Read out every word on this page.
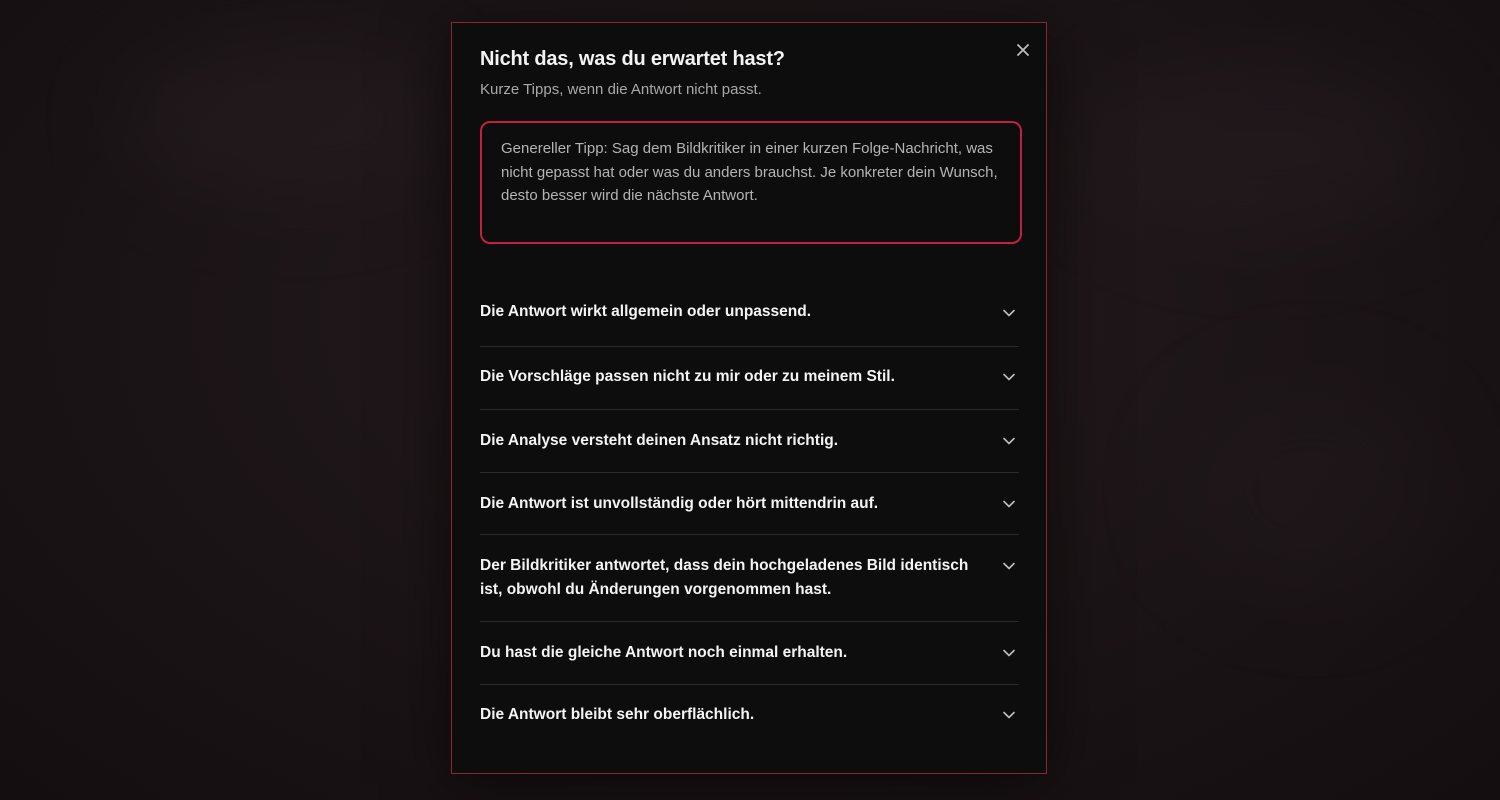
Nicht das, was du erwartet hast?

Kurze Tipps, wenn die Antwort nicht passt.

Genereller Tipp: Sag dem Bildkritiker in einer kurzen Folge-Nachricht, was nicht gepasst hat oder was du anders brauchst. Je konkreter dein Wunsch, desto besser wird die nächste Antwort.
Die Antwort wirkt allgemein oder unpassend.
Die Vorschläge passen nicht zu mir oder zu meinem Stil.
Die Analyse versteht deinen Ansatz nicht richtig.
Die Antwort ist unvollständig oder hört mittendrin auf.
Der Bildkritiker antwortet, dass dein hochgeladenes Bild identisch ist, obwohl du Änderungen vorgenommen hast.
Du hast die gleiche Antwort noch einmal erhalten.
Die Antwort bleibt sehr oberflächlich.
